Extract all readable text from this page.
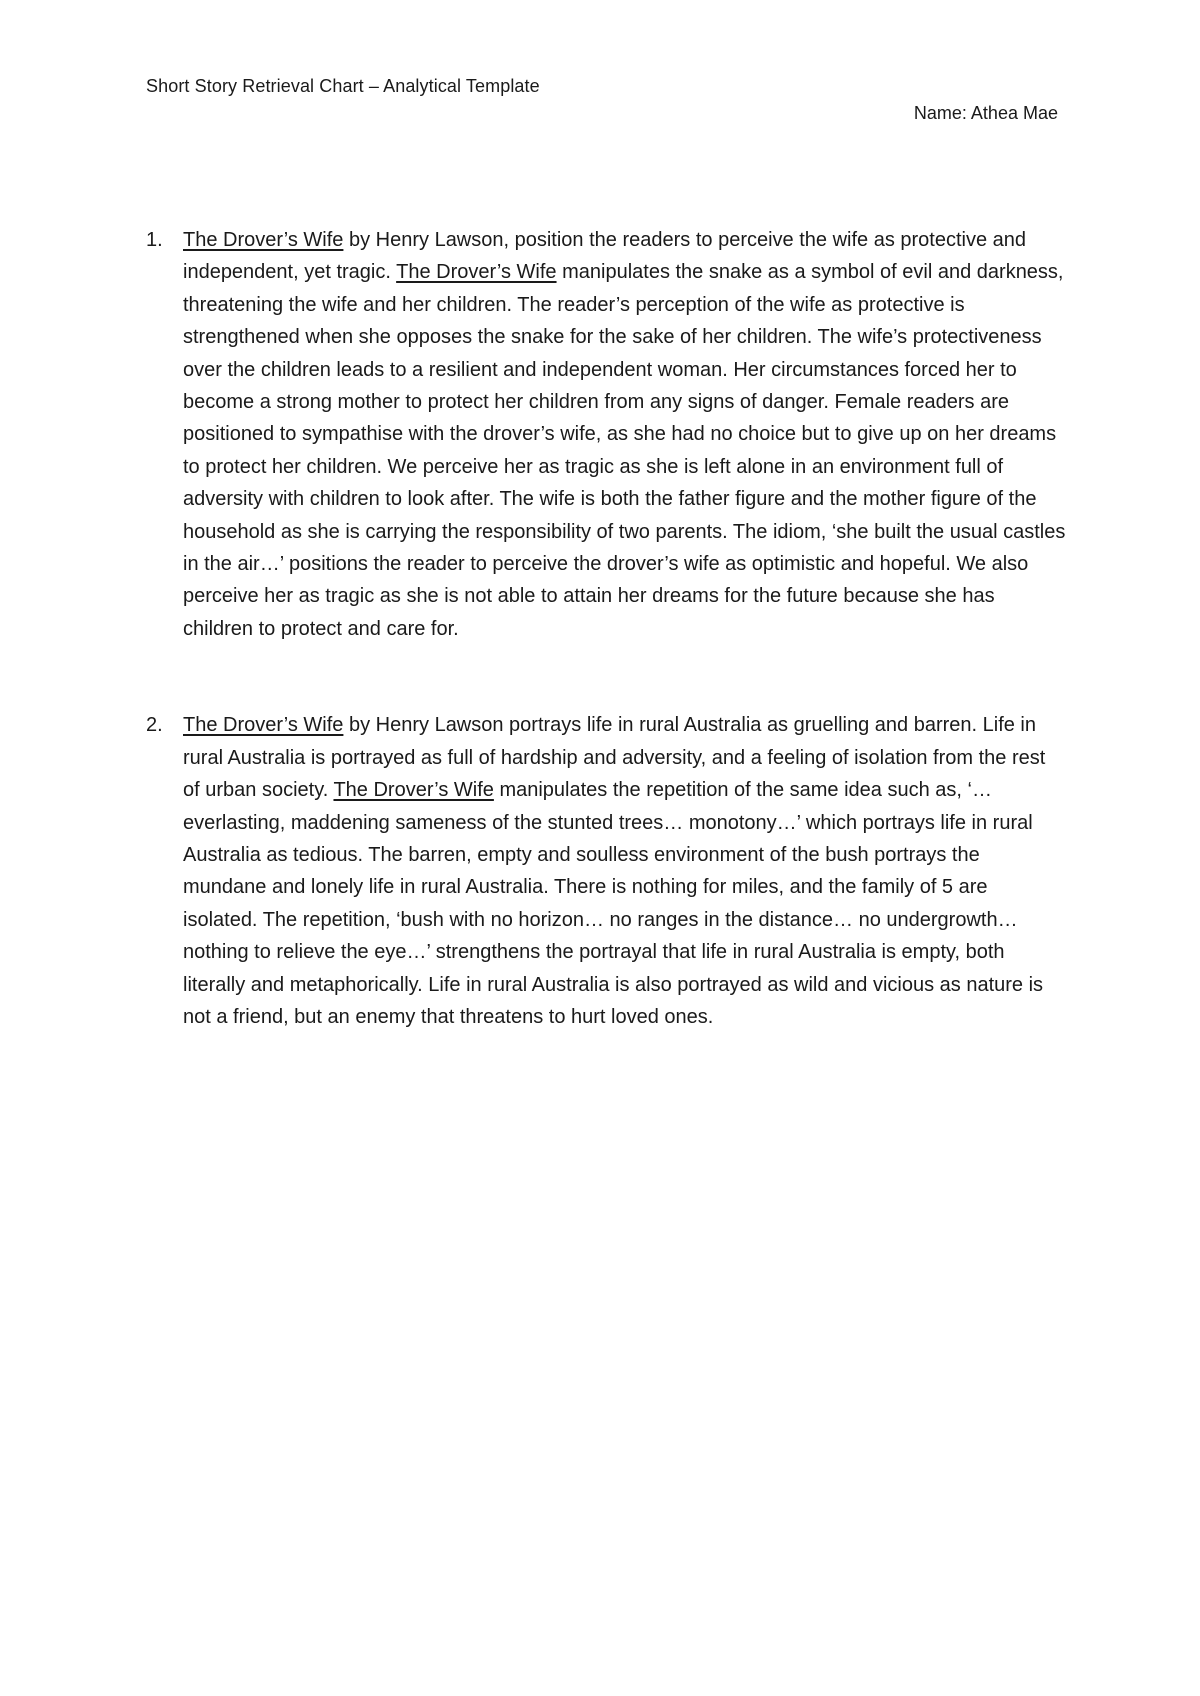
Short Story Retrieval Chart – Analytical Template
Name: Athea Mae
1. The Drover’s Wife by Henry Lawson, position the readers to perceive the wife as protective and independent, yet tragic. The Drover’s Wife manipulates the snake as a symbol of evil and darkness, threatening the wife and her children. The reader’s perception of the wife as protective is strengthened when she opposes the snake for the sake of her children. The wife’s protectiveness over the children leads to a resilient and independent woman. Her circumstances forced her to become a strong mother to protect her children from any signs of danger. Female readers are positioned to sympathise with the drover’s wife, as she had no choice but to give up on her dreams to protect her children. We perceive her as tragic as she is left alone in an environment full of adversity with children to look after. The wife is both the father figure and the mother figure of the household as she is carrying the responsibility of two parents. The idiom, ‘she built the usual castles in the air…’ positions the reader to perceive the drover’s wife as optimistic and hopeful. We also perceive her as tragic as she is not able to attain her dreams for the future because she has children to protect and care for.
2. The Drover’s Wife by Henry Lawson portrays life in rural Australia as gruelling and barren. Life in rural Australia is portrayed as full of hardship and adversity, and a feeling of isolation from the rest of urban society. The Drover’s Wife manipulates the repetition of the same idea such as, ‘…everlasting, maddening sameness of the stunted trees… monotony…’ which portrays life in rural Australia as tedious. The barren, empty and soulless environment of the bush portrays the mundane and lonely life in rural Australia. There is nothing for miles, and the family of 5 are isolated. The repetition, ‘bush with no horizon… no ranges in the distance… no undergrowth… nothing to relieve the eye…’ strengthens the portrayal that life in rural Australia is empty, both literally and metaphorically. Life in rural Australia is also portrayed as wild and vicious as nature is not a friend, but an enemy that threatens to hurt loved ones.
